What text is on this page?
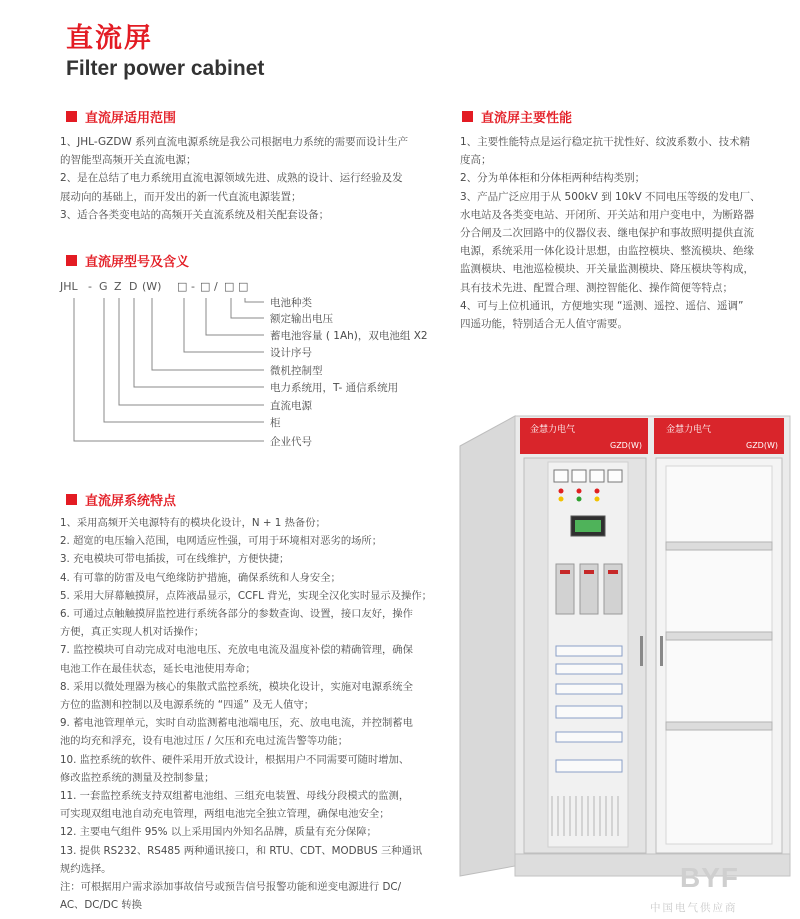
直流屏
Filter power cabinet
直流屏适用范围
1、JHL-GZDW 系列直流电源系统是我公司根据电力系统的需要而设计生产
的智能型高频开关直流电源；
2、是在总结了电力系统用直流电源领域先进、成熟的设计、运行经验及发
展动向的基础上，而开发出的新一代直流电源装置；
3、适合各类变电站的高频开关直流系统及相关配套设备；
直流屏主要性能
1、主要性能特点是运行稳定抗干扰性好、纹波系数小、技术精
度高；
2、分为单体柜和分体柜两种结构类别；
3、产品广泛应用于从 500kV 到 10kV 不同电压等级的发电厂、
水电站及各类变电站、开闭所、开关站和用户变电中，为断路器
分合闸及二次回路中的仪器仪表、继电保护和事故照明提供直流
电源，系统采用一体化设计思想，由监控模块、整流模块、绝缘
监测模块、电池巡检模块、开关量监测模块、降压模块等构成，
具有技术先进、配置合理、测控智能化、操作简便等特点；
4、可与上位机通讯，方便地实现 “遥测、遥控、遥信、遥调”
四遥功能，特别适合无人值守需要。
直流屏型号及含义
JHL - G Z D (W) □ - □ / □ □
电池种类
额定输出电压
蓄电池容量 ( 1Ah)，双电池组 X2
设计序号
微机控制型
电力系统用，T- 通信系统用
直流电源
柜
企业代号
直流屏系统特点
1、采用高频开关电源特有的模块化设计，N + 1 热备份；
2. 超宽的电压输入范围，电网适应性强，可用于环境相对恶劣的场所；
3. 充电模块可带电插拔，可在线维护，方便快捷；
4. 有可靠的防雷及电气绝缘防护措施，确保系统和人身安全；
5. 采用大屏幕触摸屏，点阵液晶显示，CCFL 背光，实现全汉化实时显示及操作；
6. 可通过点触触摸屏监控进行系统各部分的参数查询、设置，接口友好，操作
方便，真正实现人机对话操作；
7. 监控模块可自动完成对电池电压、充放电电流及温度补偿的精确管理，确保
电池工作在最佳状态，延长电池使用寿命；
8. 采用以微处理器为核心的集散式监控系统，模块化设计，实施对电源系统全
方位的监测和控制以及电源系统的 “四遥” 及无人值守；
9. 蓄电池管理单元，实时自动监测蓄电池端电压，充、放电电流，并控制蓄电
池的均充和浮充，设有电池过压 / 欠压和充电过流告警等功能；
10. 监控系统的软件、硬件采用开放式设计，根据用户不同需要可随时增加、
修改监控系统的测量及控制参量；
11. 一套监控系统支持双组蓄电池组、三组充电装置、母线分段模式的监测，
可实现双组电池自动充电管理，两组电池完全独立管理，确保电池安全；
12. 主要电气组件 95% 以上采用国内外知名品牌，质量有充分保障；
13. 提供 RS232、RS485 两种通讯接口，和 RTU、CDT、MODBUS 三种通讯
规约选择。
注：可根据用户需求添加事故信号或预告信号报警功能和逆变电源进行 DC/
AC、DC/DC 转换
金慧力电气
GZD(W)
金慧力电气
GZD(W)
BYF
中国电气供应商
